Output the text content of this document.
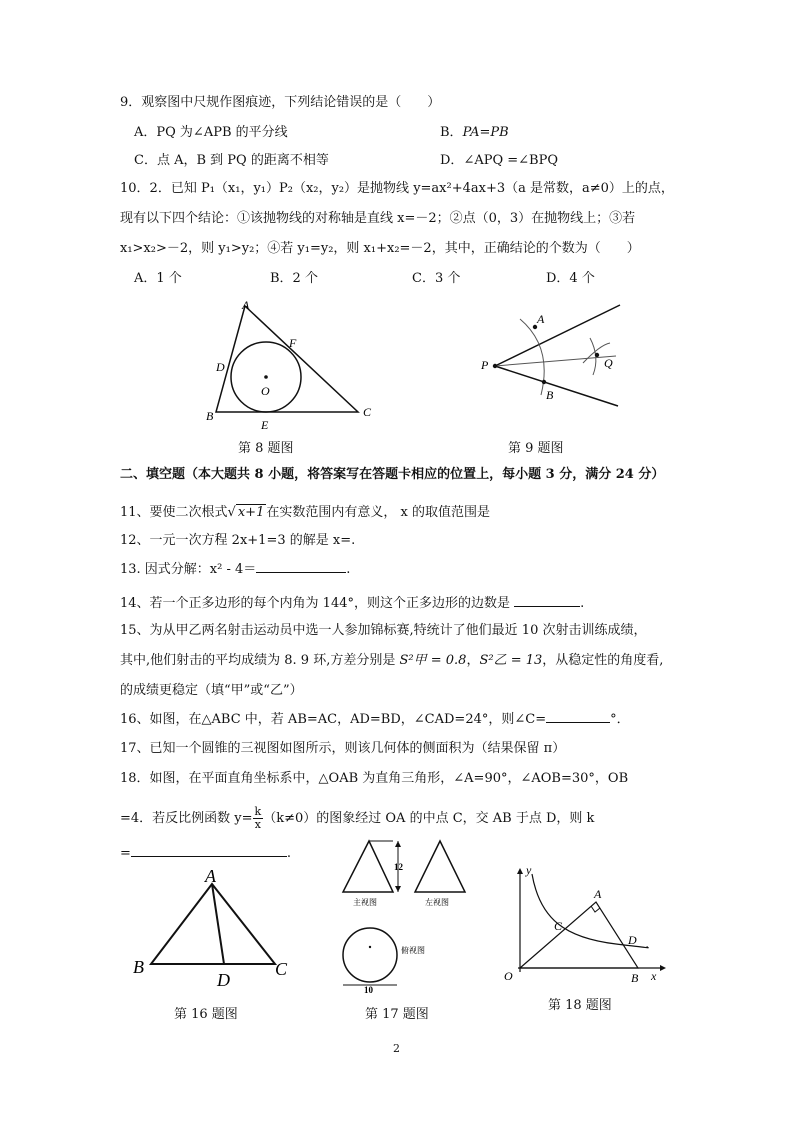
9．观察图中尺规作图痕迹，下列结论错误的是（　　）
A．PQ 为∠APB 的平分线	B．PA=PB
C．点 A，B 到 PQ 的距离不相等	D．∠APQ =∠BPQ
10．2．已知 P₁（x₁，y₁）P₂（x₂，y₂）是抛物线 y=ax²+4ax+3（a 是常数，a≠0）上的点，
现有以下四个结论：①该抛物线的对称轴是直线 x=－2；②点（0，3）在抛物线上；③若
x₁>x₂>－2，则 y₁>y₂；④若 y₁=y₂，则 x₁+x₂=－2，其中，正确结论的个数为（　　）
A．1 个	B．2 个	C．3 个	D．4 个
A
B	C
D
E
F
O
第 8 题图
P
A
B
Q
第 9 题图
二、填空题（本大题共 8 小题，将答案写在答题卡相应的位置上，每小题 3 分，满分 24 分）
11、要使二次根式√ x+1 在实数范围内有意义， x 的取值范围是
12、一元一次方程 2x+1=3 的解是 x=.
13. 因式分解：x² - 4＝	.
14、若一个正多边形的每个内角为 144°，则这个正多边形的边数是	.
15、为从甲乙两名射击运动员中选一人参加锦标赛,特统计了他们最近 10 次射击训练成绩，
其中,他们射击的平均成绩为 8. 9 环,方差分别是 S²甲 = 0.8，S²乙 = 13，从稳定性的角度看,
的成绩更稳定（填“甲”或“乙”）
16、如图，在△ABC 中，若 AB=AC，AD=BD，∠CAD=24°，则∠C=	°．
17、已知一个圆锥的三视图如图所示，则该几何体的侧面积为（结果保留 π）
18．如图，在平面直角坐标系中，△OAB 为直角三角形，∠A=90°，∠AOB=30°，OB
=4．若反比例函数 $y= \frac{k}{x} (k\ne 0)$的图象经过 OA 的中点 C，交 AB 于点 D，则 k
=	.
A
B	C
D
第 16 题图
12
主视图	左视图
10
俯视图
第 17 题图
y
x
O
A
B
C
D
第 18 题图
2
